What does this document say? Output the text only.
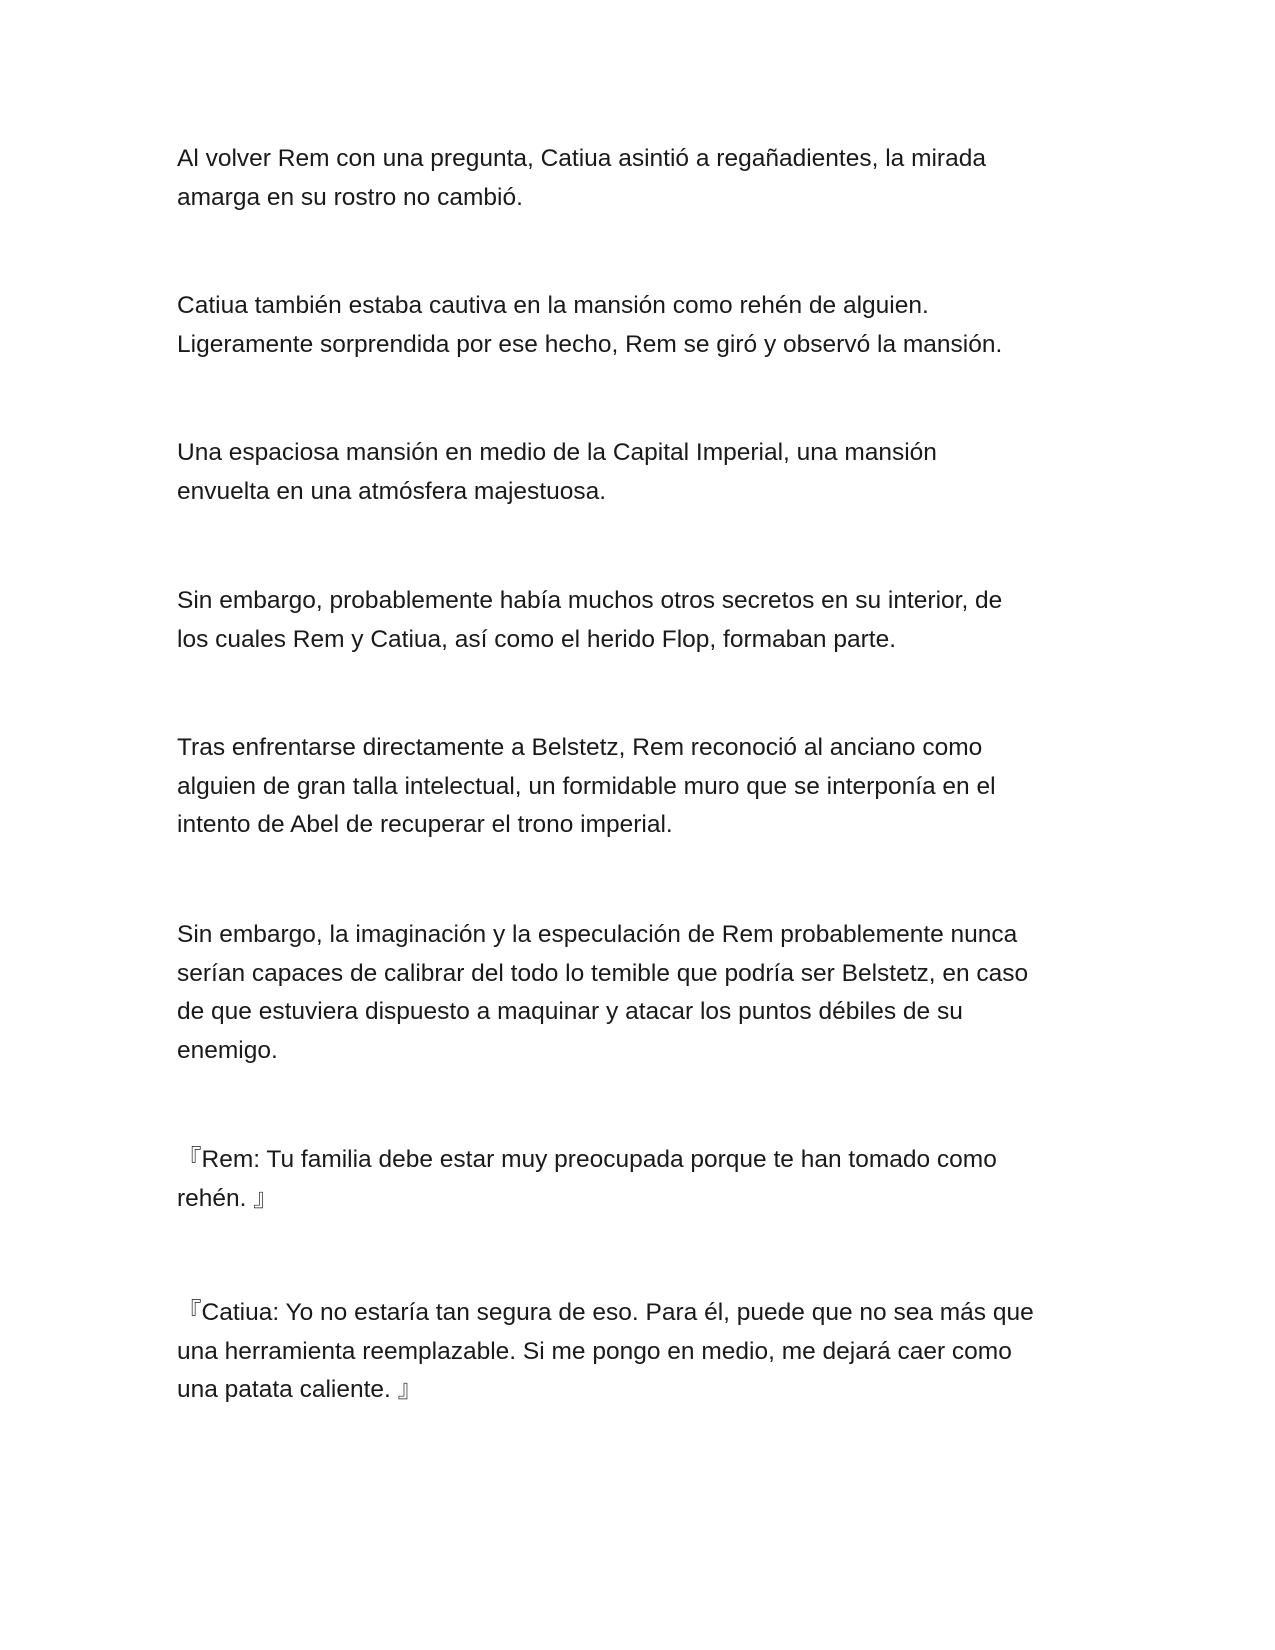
Al volver Rem con una pregunta, Catiua asintió a regañadientes, la mirada
amarga en su rostro no cambió.

Catiua también estaba cautiva en la mansión como rehén de alguien.
Ligeramente sorprendida por ese hecho, Rem se giró y observó la mansión.

Una espaciosa mansión en medio de la Capital Imperial, una mansión
envuelta en una atmósfera majestuosa.

Sin embargo, probablemente había muchos otros secretos en su interior, de
los cuales Rem y Catiua, así como el herido Flop, formaban parte.

Tras enfrentarse directamente a Belstetz, Rem reconoció al anciano como
alguien de gran talla intelectual, un formidable muro que se interponía en el
intento de Abel de recuperar el trono imperial.

Sin embargo, la imaginación y la especulación de Rem probablemente nunca
serían capaces de calibrar del todo lo temible que podría ser Belstetz, en caso
de que estuviera dispuesto a maquinar y atacar los puntos débiles de su
enemigo.

『Rem: Tu familia debe estar muy preocupada porque te han tomado como
rehén. 』

『Catiua: Yo no estaría tan segura de eso. Para él, puede que no sea más que
una herramienta reemplazable. Si me pongo en medio, me dejará caer como
una patata caliente. 』
